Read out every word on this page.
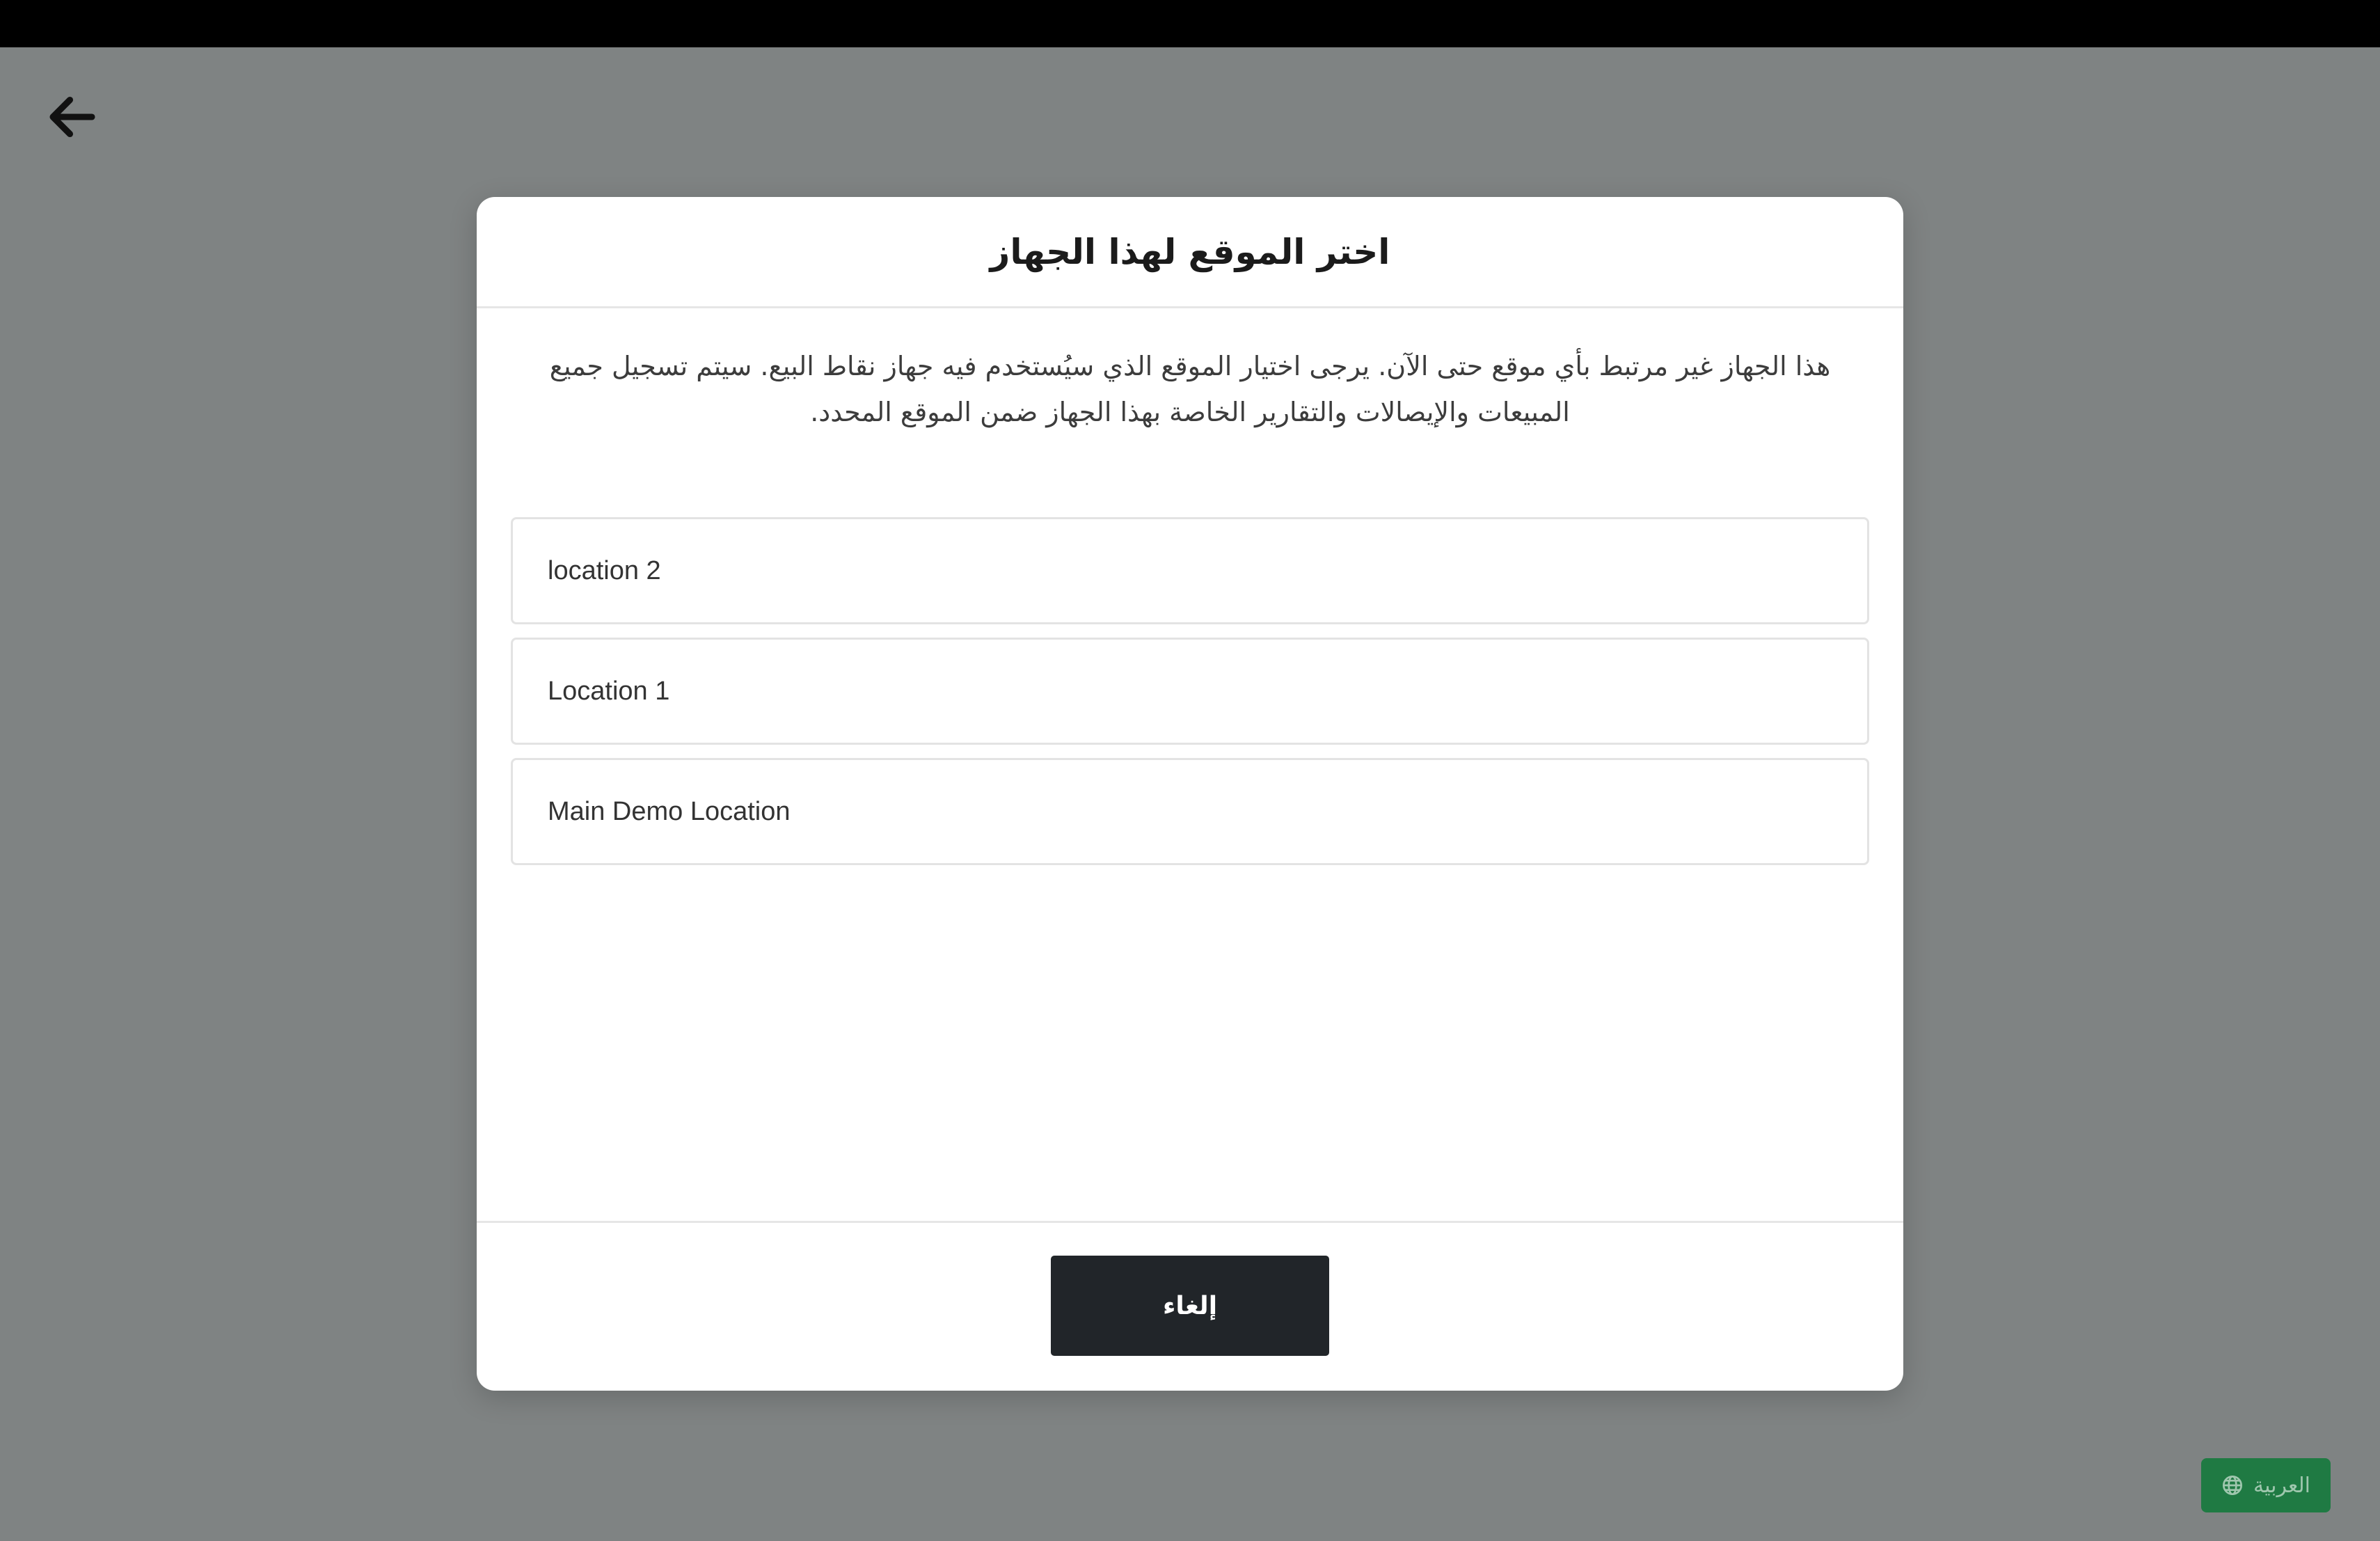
اختر الموقع لهذا الجهاز

هذا الجهاز غير مرتبط بأي موقع حتى الآن. يرجى اختيار الموقع الذي سيُستخدم فيه جهاز نقاط البيع. سيتم تسجيل جميع المبيعات والإيصالات والتقارير الخاصة بهذا الجهاز ضمن الموقع المحدد.

location 2
Location 1
Main Demo Location
إلغاء
العربية
